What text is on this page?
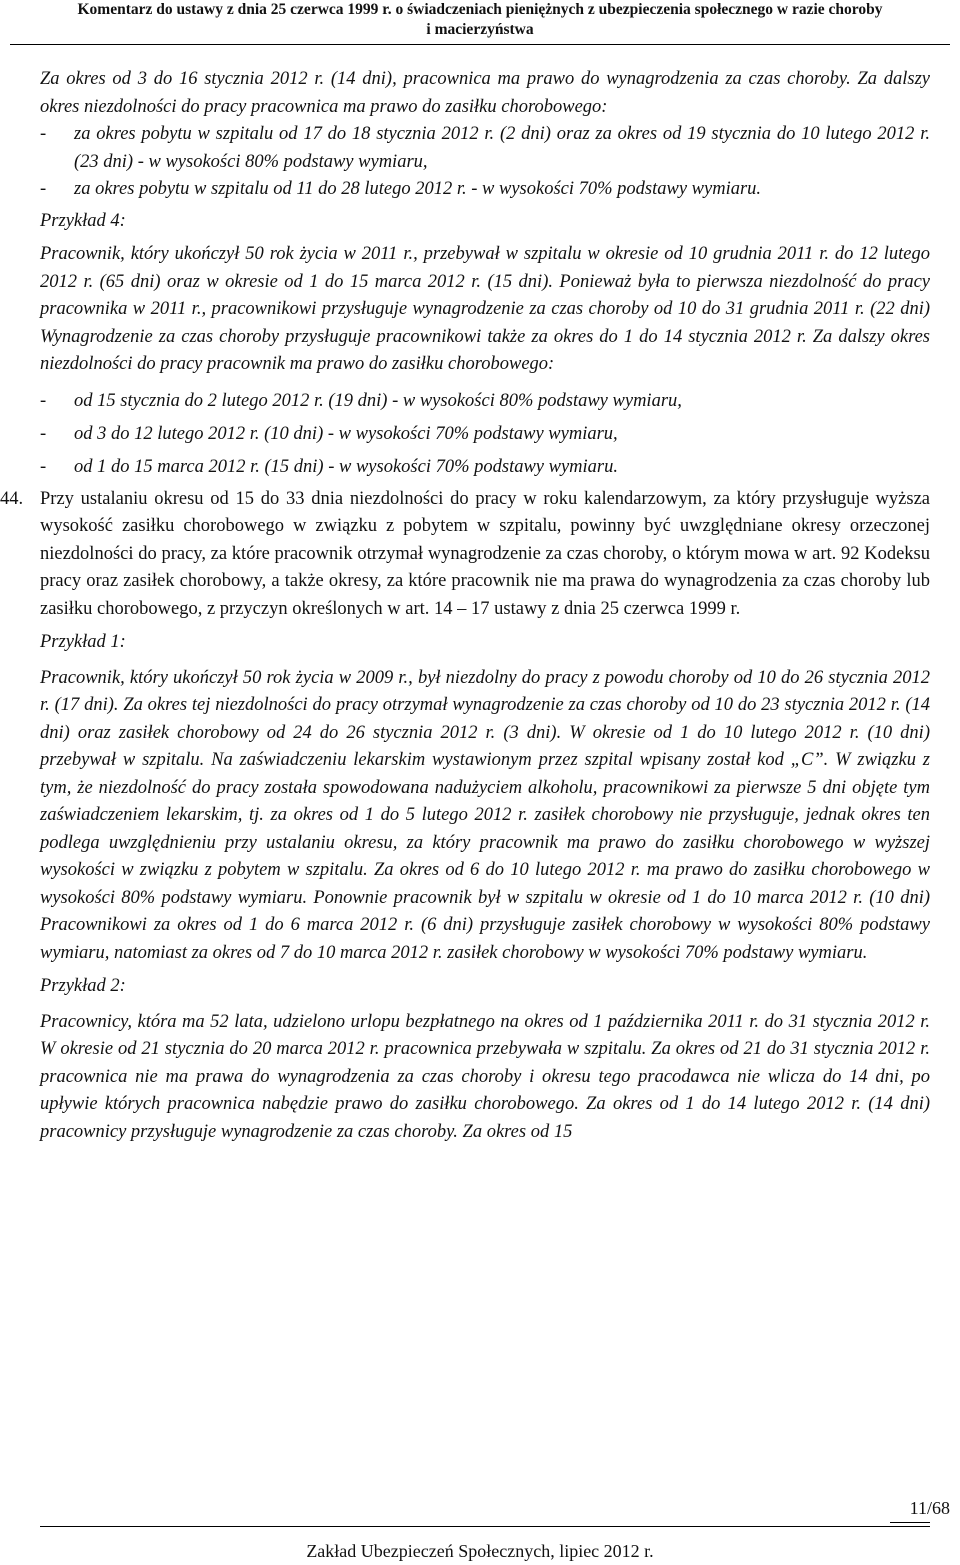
Komentarz do ustawy z dnia 25 czerwca 1999 r. o świadczeniach pieniężnych z ubezpieczenia społecznego w razie choroby
i macierzyństwa

Za okres od 3 do 16 stycznia 2012 r. (14 dni), pracownica ma prawo do wynagrodzenia za czas choroby. Za dalszy okres niezdolności do pracy pracownica ma prawo do zasiłku chorobowego:

- za okres pobytu w szpitalu od 17 do 18 stycznia 2012 r. (2 dni) oraz za okres od 19 stycznia do 10 lutego 2012 r. (23 dni) - w wysokości 80% podstawy wymiaru,
- za okres pobytu w szpitalu od 11 do 28 lutego 2012 r. - w wysokości 70% podstawy wymiaru.

Przykład 4:

Pracownik, który ukończył 50 rok życia w 2011 r., przebywał w szpitalu w okresie od 10 grudnia 2011 r. do 12 lutego 2012 r. (65 dni) oraz w okresie od 1 do 15 marca 2012 r. (15 dni). Ponieważ była to pierwsza niezdolność do pracy pracownika w 2011 r., pracownikowi przysługuje wynagrodzenie za czas choroby od 10 do 31 grudnia 2011 r. (22 dni) Wynagrodzenie za czas choroby przysługuje pracownikowi także za okres do 1 do 14 stycznia 2012 r. Za dalszy okres niezdolności do pracy pracownik ma prawo do zasiłku chorobowego:

- od 15 stycznia do 2 lutego 2012 r. (19 dni) - w wysokości 80% podstawy wymiaru,
- od 3 do 12 lutego 2012 r. (10 dni) - w wysokości 70% podstawy wymiaru,
- od 1 do 15 marca 2012 r. (15 dni) - w wysokości 70% podstawy wymiaru.
44. Przy ustalaniu okresu od 15 do 33 dnia niezdolności do pracy w roku kalendarzowym, za który przysługuje wyższa wysokość zasiłku chorobowego w związku z pobytem w szpitalu, powinny być uwzględniane okresy orzeczonej niezdolności do pracy, za które pracownik otrzymał wynagrodzenie za czas choroby, o którym mowa w art. 92 Kodeksu pracy oraz zasiłek chorobowy, a także okresy, za które pracownik nie ma prawa do wynagrodzenia za czas choroby lub zasiłku chorobowego, z przyczyn określonych w art. 14 – 17 ustawy z dnia 25 czerwca 1999 r.

Przykład 1:

Pracownik, który ukończył 50 rok życia w 2009 r., był niezdolny do pracy z powodu choroby od 10 do 26 stycznia 2012 r. (17 dni). Za okres tej niezdolności do pracy otrzymał wynagrodzenie za czas choroby od 10 do 23 stycznia 2012 r. (14 dni) oraz zasiłek chorobowy od 24 do 26 stycznia 2012 r. (3 dni). W okresie od 1 do 10 lutego 2012 r. (10 dni) przebywał w szpitalu. Na zaświadczeniu lekarskim wystawionym przez szpital wpisany został kod „C”. W związku z tym, że niezdolność do pracy została spowodowana nadużyciem alkoholu, pracownikowi za pierwsze 5 dni objęte tym zaświadczeniem lekarskim, tj. za okres od 1 do 5 lutego 2012 r. zasiłek chorobowy nie przysługuje, jednak okres ten podlega uwzględnieniu przy ustalaniu okresu, za który pracownik ma prawo do zasiłku chorobowego w wyższej wysokości w związku z pobytem w szpitalu. Za okres od 6 do 10 lutego 2012 r. ma prawo do zasiłku chorobowego w wysokości 80% podstawy wymiaru. Ponownie pracownik był w szpitalu w okresie od 1 do 10 marca 2012 r. (10 dni) Pracownikowi za okres od 1 do 6 marca 2012 r. (6 dni) przysługuje zasiłek chorobowy w wysokości 80% podstawy wymiaru, natomiast za okres od 7 do 10 marca 2012 r. zasiłek chorobowy w wysokości 70% podstawy wymiaru.

Przykład 2:

Pracownicy, która ma 52 lata, udzielono urlopu bezpłatnego na okres od 1 października 2011 r. do 31 stycznia 2012 r. W okresie od 21 stycznia do 20 marca 2012 r. pracownica przebywała w szpitalu. Za okres od 21 do 31 stycznia 2012 r. pracownica nie ma prawa do wynagrodzenia za czas choroby i okresu tego pracodawca nie wlicza do 14 dni, po upływie których pracownica nabędzie prawo do zasiłku chorobowego. Za okres od 1 do 14 lutego 2012 r. (14 dni) pracownicy przysługuje wynagrodzenie za czas choroby. Za okres od 15

11/68
Zakład Ubezpieczeń Społecznych, lipiec 2012 r.
